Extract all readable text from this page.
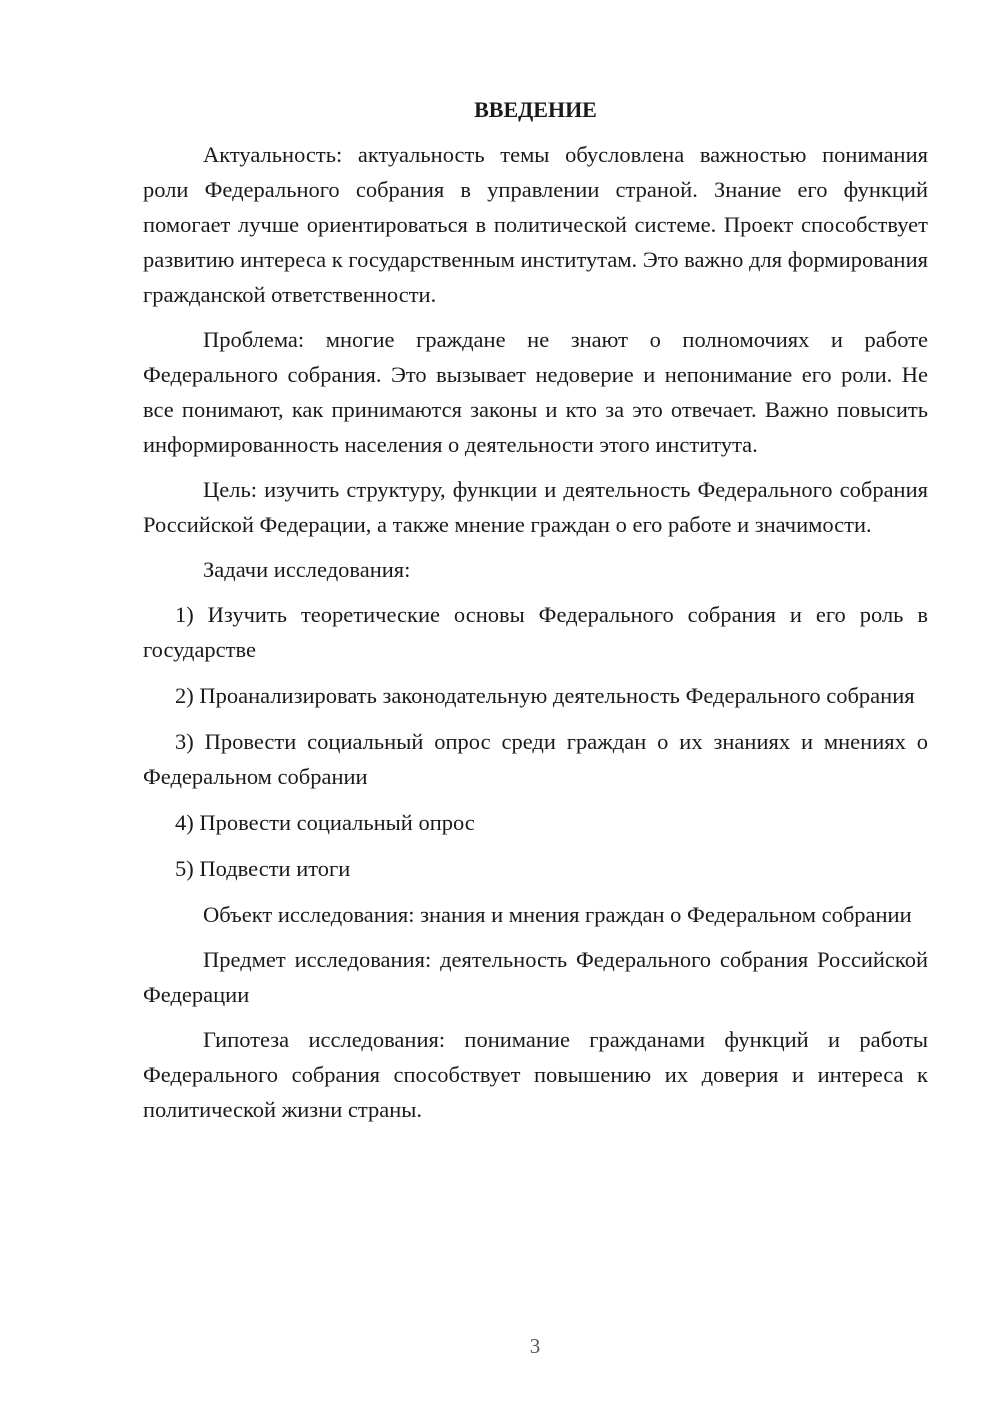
ВВЕДЕНИЕ

Актуальность: актуальность темы обусловлена важностью понимания роли Федерального собрания в управлении страной. Знание его функций помогает лучше ориентироваться в политической системе. Проект способствует развитию интереса к государственным институтам. Это важно для формирования гражданской ответственности.

Проблема: многие граждане не знают о полномочиях и работе Федерального собрания. Это вызывает недоверие и непонимание его роли. Не все понимают, как принимаются законы и кто за это отвечает. Важно повысить информированность населения о деятельности этого института.

Цель: изучить структуру, функции и деятельность Федерального собрания Российской Федерации, а также мнение граждан о его работе и значимости.

Задачи исследования:

1) Изучить теоретические основы Федерального собрания и его роль в государстве

2) Проанализировать законодательную деятельность Федерального собрания

3) Провести социальный опрос среди граждан о их знаниях и мнениях о Федеральном собрании

4) Провести социальный опрос

5) Подвести итоги

Объект исследования: знания и мнения граждан о Федеральном собрании

Предмет исследования: деятельность Федерального собрания Российской Федерации

Гипотеза исследования: понимание гражданами функций и работы Федерального собрания способствует повышению их доверия и интереса к политической жизни страны.

3
